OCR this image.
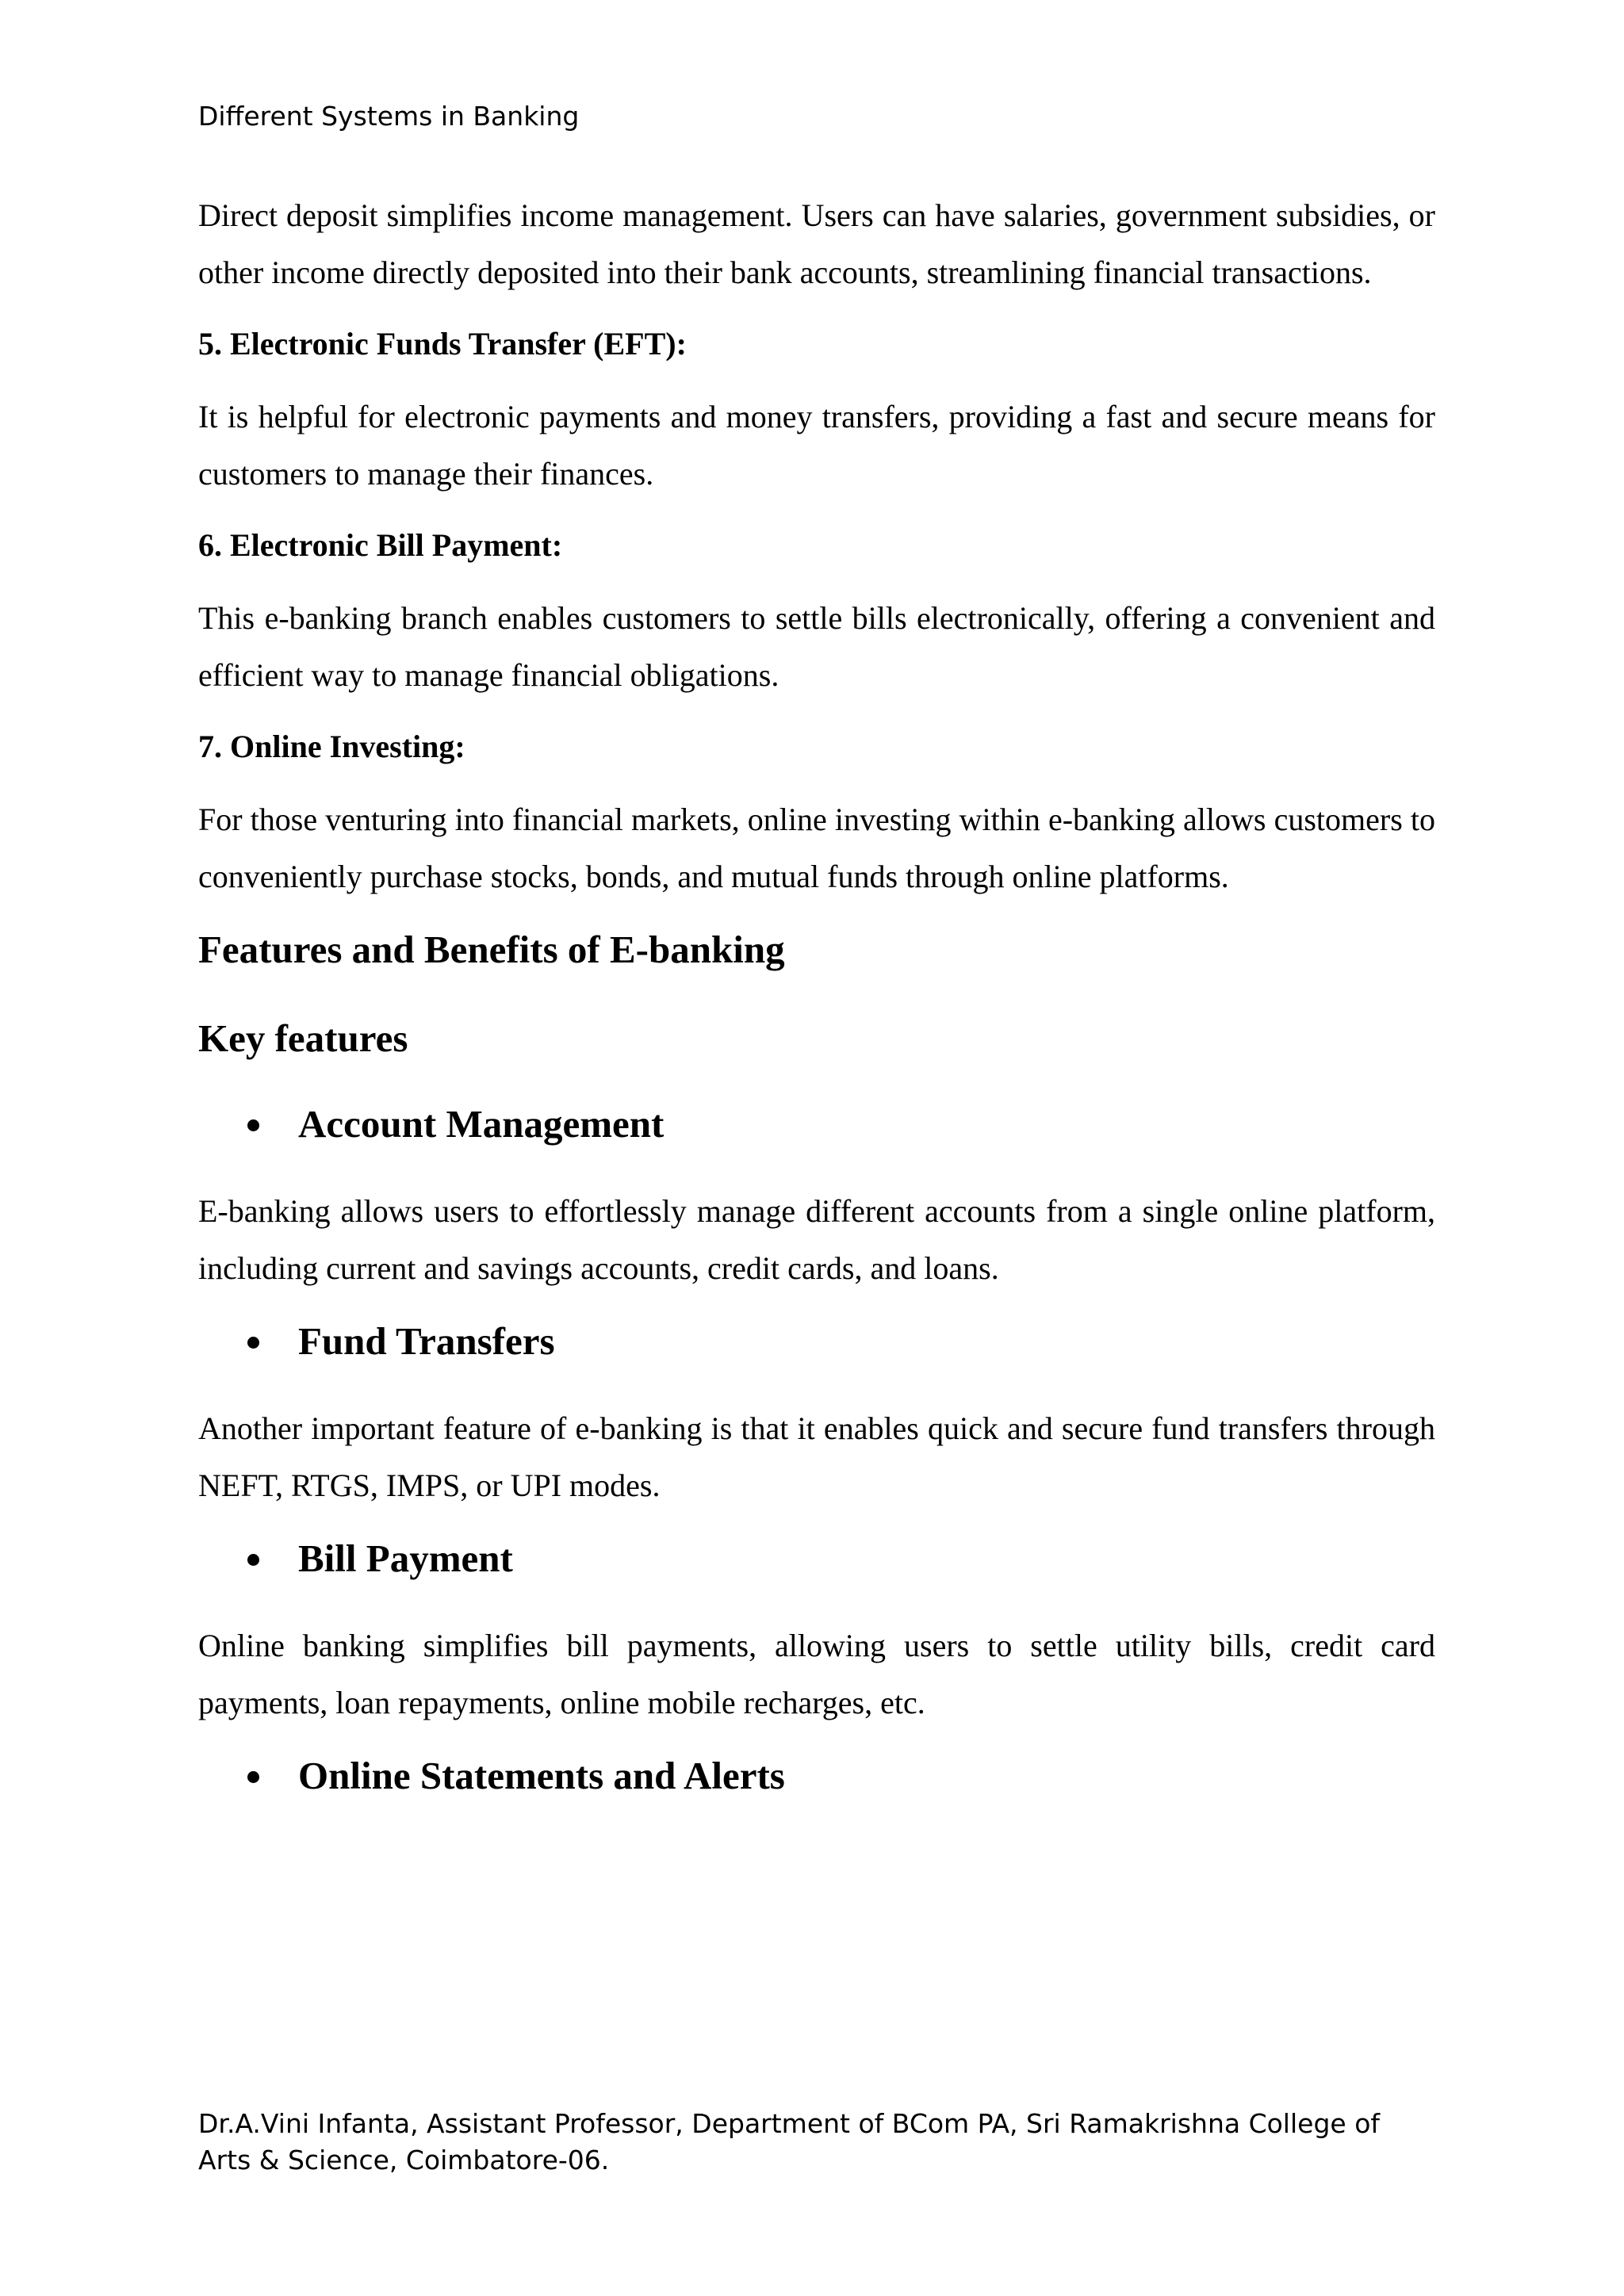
Different Systems in Banking

Direct deposit simplifies income management. Users can have salaries, government subsidies, or other income directly deposited into their bank accounts, streamlining financial transactions.

5. Electronic Funds Transfer (EFT):

It is helpful for electronic payments and money transfers, providing a fast and secure means for customers to manage their finances.

6. Electronic Bill Payment:

This e-banking branch enables customers to settle bills electronically, offering a convenient and efficient way to manage financial obligations.

7. Online Investing:

For those venturing into financial markets, online investing within e-banking allows customers to conveniently purchase stocks, bonds, and mutual funds through online platforms.

Features and Benefits of E-banking
Key features
Account Management

E-banking allows users to effortlessly manage different accounts from a single online platform, including current and savings accounts, credit cards, and loans.

Fund Transfers

Another important feature of e-banking is that it enables quick and secure fund transfers through NEFT, RTGS, IMPS, or UPI modes.

Bill Payment

Online banking simplifies bill payments, allowing users to settle utility bills, credit card payments, loan repayments, online mobile recharges, etc.

Online Statements and Alerts
Dr.A.Vini Infanta, Assistant Professor, Department of BCom PA, Sri Ramakrishna College of Arts & Science, Coimbatore-06.
